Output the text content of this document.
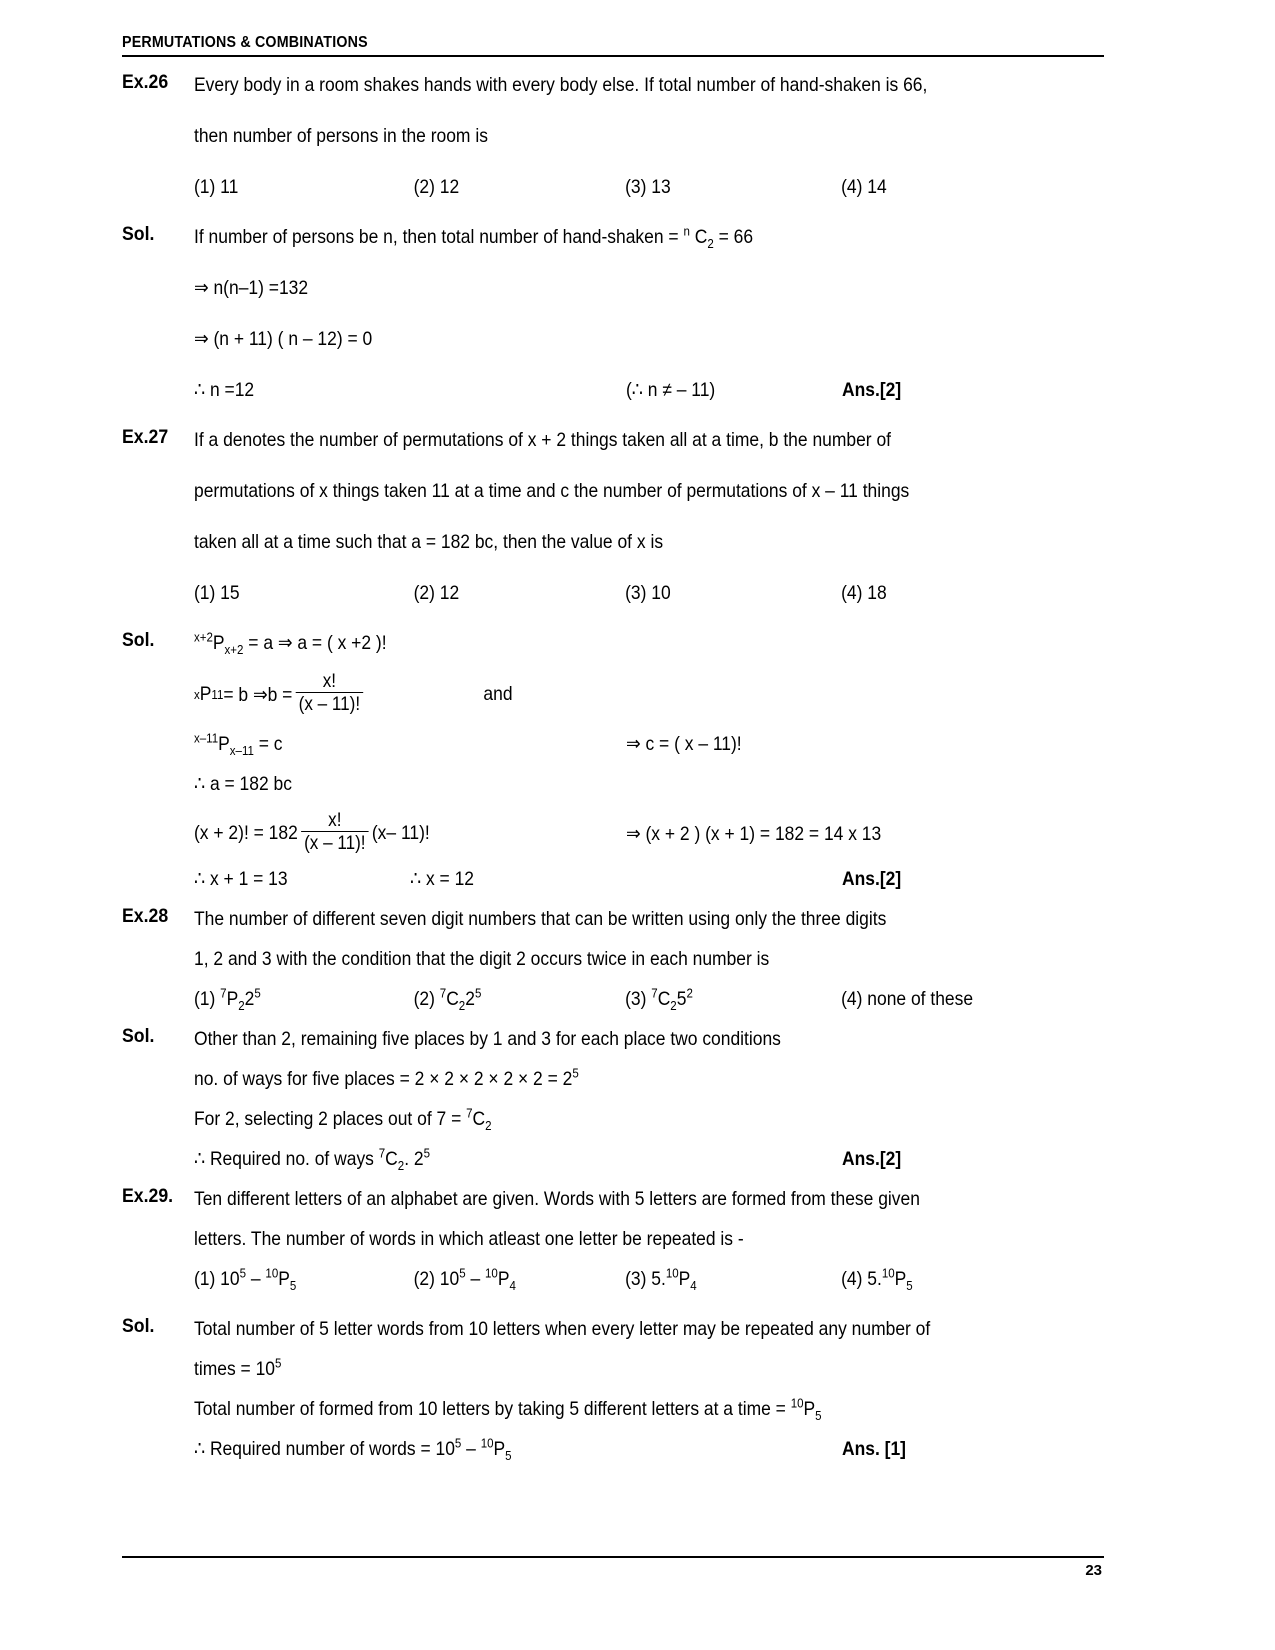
PERMUTATIONS & COMBINATIONS
Ex.26	Every body in a room shakes hands with every body else. If total number of hand-shaken is 66,
then number of persons in the room is
(1) 11	(2) 12	(3) 13	(4) 14
Sol.	If number of persons be n, then total number of hand-shaken = $^n$ $C_2 = 66$
⇒ n(n–1) =132
⇒ (n + 11) ( n – 12) = 0
∴ n =12	(∴ n ≠ – 11)	Ans.[2]
Ex.27	If a denotes the number of permutations of x + 2 things taken all at a time, b the number of
permutations of x things taken 11 at a time and c the number of permutations of x – 11 things
taken all at a time such that a = 182 bc, then the value of x is
(1) 15	(2) 12	(3) 10	(4) 18
Sol.	$^{x+2}P_{x+2} = a$ ⇒ a = ( x +2 )!
x P 11 = b ⇒b = $\frac{x!}{(x - 11)!}$	and
$^{x-11}P_{x-11} = c$	⇒ c = ( x – 11)!
∴ a = 182 bc
(x + 2)! = $182 \frac{x!}{(x - 11)!} (x-$ 11)!	⇒ (x + 2 ) (x + 1) = 182 = 14 x 13
∴ x + 1 = 13	∴ x = 12	Ans.[2]
Ex.28	The number of different seven digit numbers that can be written using only the three digits
1, 2 and 3 with the condition that the digit 2 occurs twice in each number is
(1) $^7P_22^5$	(2) $^7C_22^5$	(3) $^7C_25^2$	(4) none of these
Sol.	Other than 2, remaining five places by 1 and 3 for each place two conditions
no. of ways for five places = $2 \times 2 \times 2 \times 2 \times 2 = 2^5$
For 2, selecting 2 places out of $7 = ^7C_2$
∴ Required no. of ways $^7C_2$. $2^5$	Ans.[2]
Ex.29.	Ten different letters of an alphabet are given. Words with 5 letters are formed from these given
letters. The number of words in which atleast one letter be repeated is -
(1) $10^5 - ^{10}P_5$	(2) $10^5 - ^{10}P_4$	(3) $5.10P_4$	(4) $5.10P_5$
Sol.	Total number of 5 letter words from 10 letters when every letter may be repeated any number of
times = $10^5$
Total number of formed from 10 letters by taking 5 different letters at a time = $^{10}P_5$
∴ Required number of words = $10^5 - ^{10}P_5$	Ans. [1]
23
